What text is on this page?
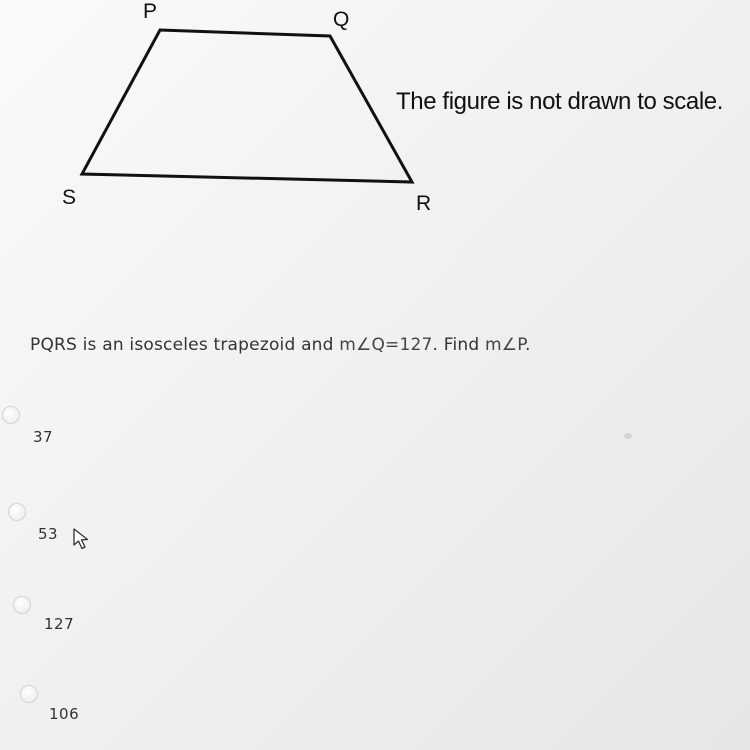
P	Q
R
S
The figure is not drawn to scale.
PQRS is an isosceles trapezoid and m∠Q=127. Find m∠P.
37
53
127
106
